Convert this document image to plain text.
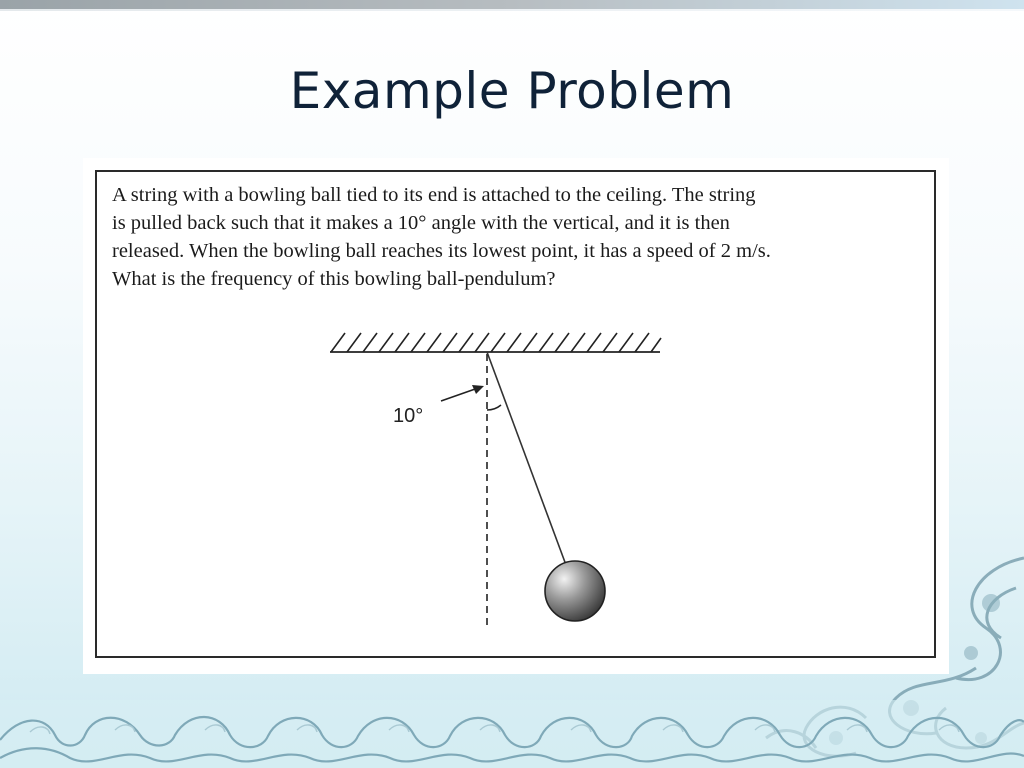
Example Problem
A string with a bowling ball tied to its end is attached to the ceiling. The string
is pulled back such that it makes a 10° angle with the vertical, and it is then
released. When the bowling ball reaches its lowest point, it has a speed of 2 m/s.
What is the frequency of this bowling ball-pendulum?
10°
